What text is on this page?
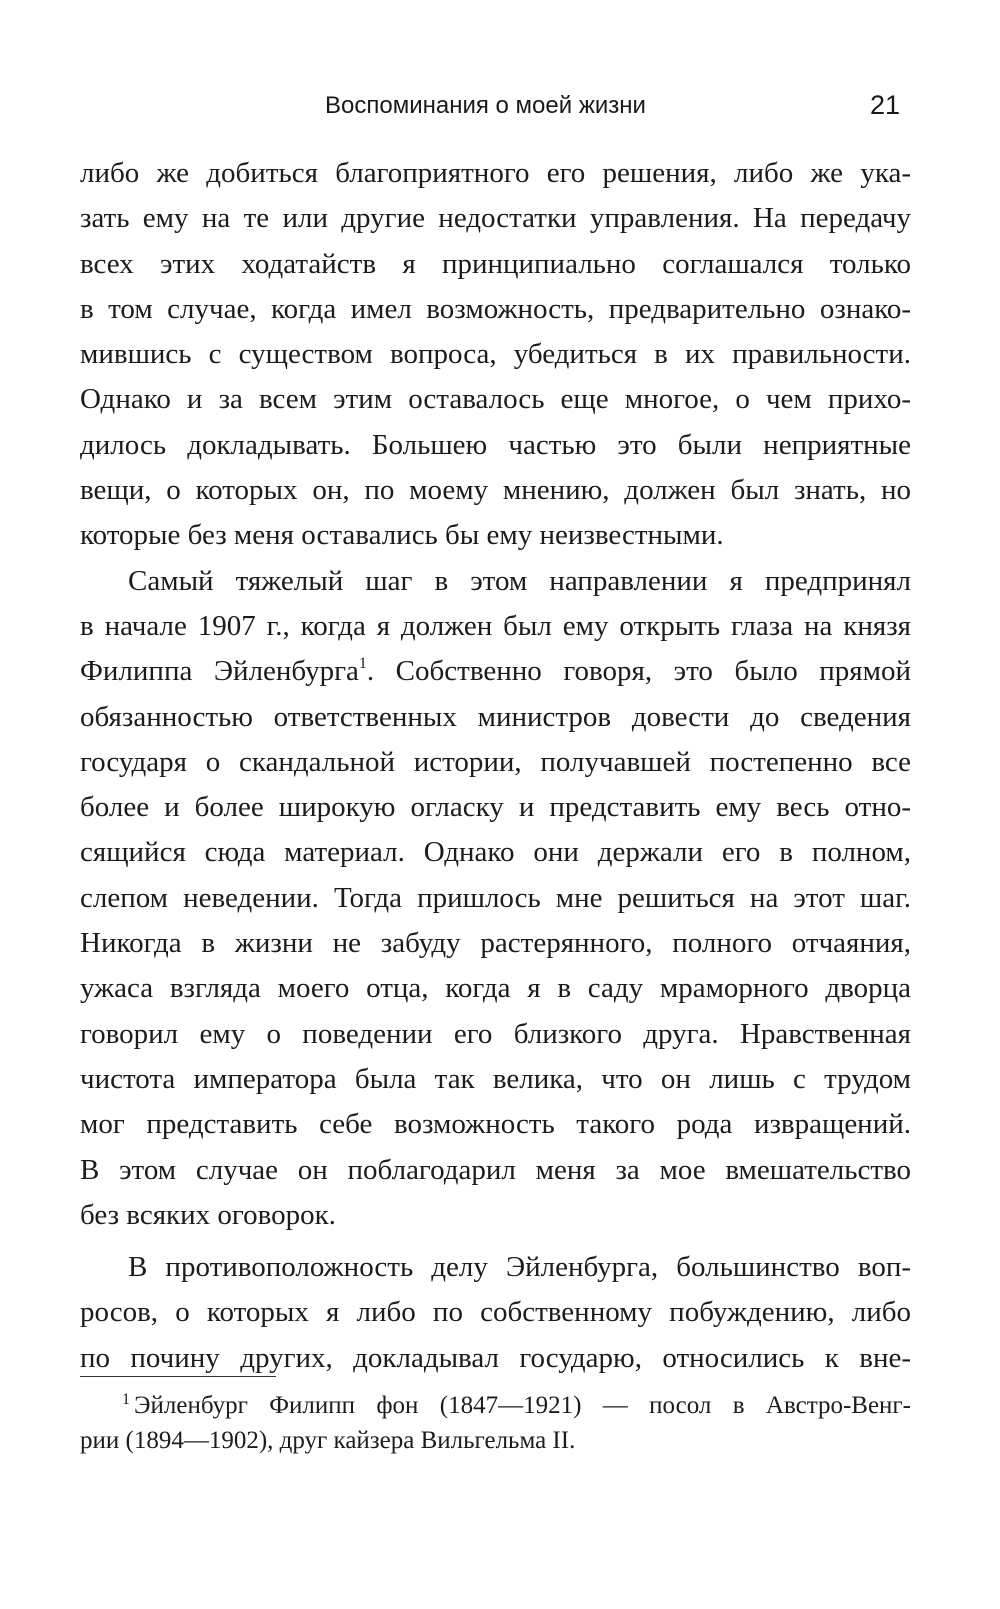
Воспоминания о моей жизни	21
либо же добиться благоприятного его решения, либо же ука-
зать ему на те или другие недостатки управления. На передачу
всех этих ходатайств я принципиально соглашался только
в том случае, когда имел возможность, предварительно ознако-
мившись с существом вопроса, убедиться в их правильности.
Однако и за всем этим оставалось еще многое, о чем прихо-
дилось докладывать. Большею частью это были неприятные
вещи, о которых он, по моему мнению, должен был знать, но
которые без меня оставались бы ему неизвестными.
Самый тяжелый шаг в этом направлении я предпринял
в начале 1907 г., когда я должен был ему открыть глаза на князя
Филиппа Эйленбурга$^1$. Собственно говоря, это было прямой
обязанностью ответственных министров довести до сведения
государя о скандальной истории, получавшей постепенно все
более и более широкую огласку и представить ему весь отно-
сящийся сюда материал. Однако они держали его в полном,
слепом неведении. Тогда пришлось мне решиться на этот шаг.
Никогда в жизни не забуду растерянного, полного отчаяния,
ужаса взгляда моего отца, когда я в саду мраморного дворца
говорил ему о поведении его близкого друга. Нравственная
чистота императора была так велика, что он лишь с трудом
мог представить себе возможность такого рода извращений.
В этом случае он поблагодарил меня за мое вмешательство
без всяких оговорок.
В противоположность делу Эйленбурга, большинство воп-
росов, о которых я либо по собственному побуждению, либо
по почину других, докладывал государю, относились к вне-
$^1$ Эйленбург Филипп фон (1847—1921) — посол в Австро-Венг-
рии (1894—1902), друг кайзера Вильгельма II.
